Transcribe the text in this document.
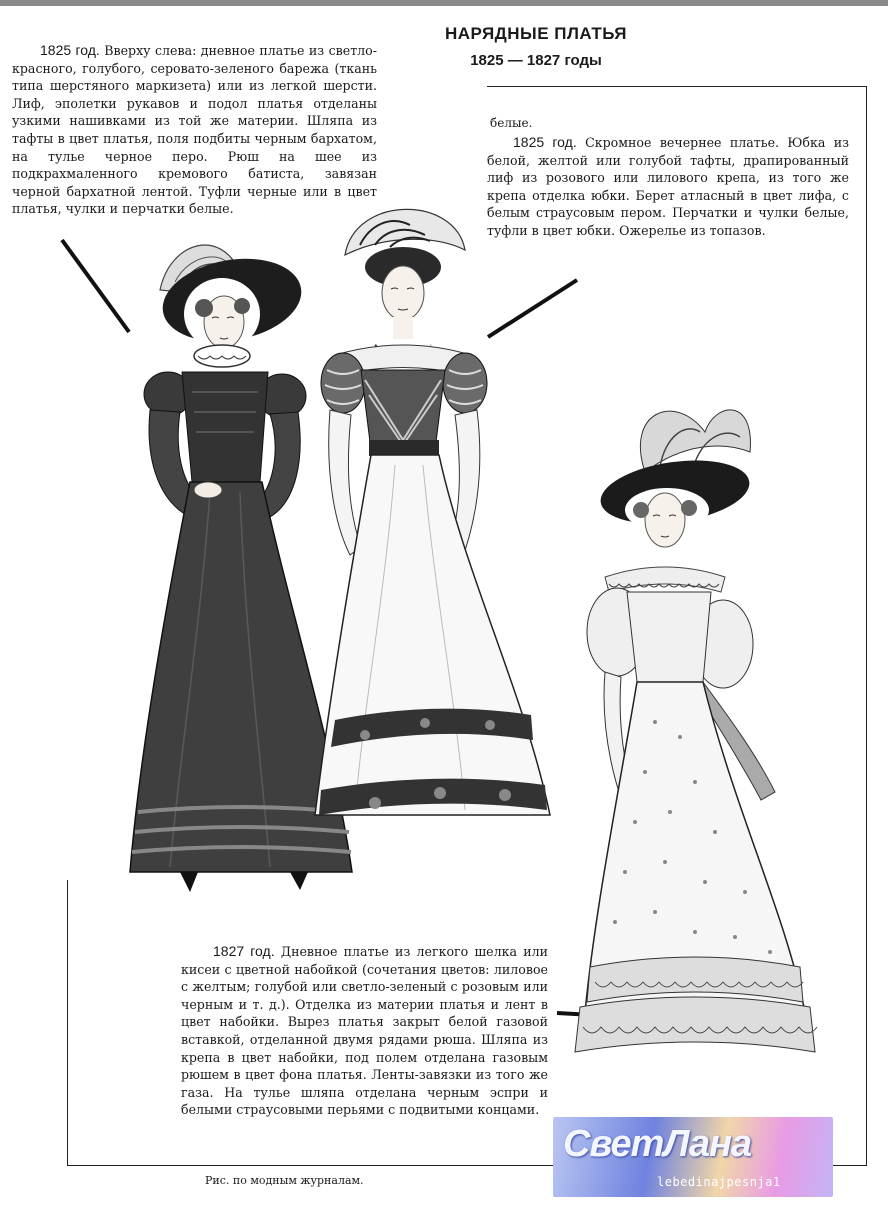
НАРЯДНЫЕ ПЛАТЬЯ
1825 — 1827 годы
1825 год. Вверху слева: дневное платье из светло-красного, голубого, серовато-зеленого барежа (ткань типа шерстяного маркизета) или из легкой шерсти. Лиф, эполетки рукавов и подол платья отделаны узкими нашивками из той же материи. Шляпа из тафты в цвет платья, поля подбиты черным бархатом, на тулье черное перо. Рюш на шее из подкрахмаленного кремового батиста, завязан черной бархатной лентой. Туфли черные или в цвет платья, чулки и перчатки белые.
белые.
1825 год. Скромное вечернее платье. Юбка из белой, желтой или голубой тафты, драпированный лиф из розового или лилового крепа, из того же крепа отделка юбки. Берет атласный в цвет лифа, с белым страусовым пером. Перчатки и чулки белые, туфли в цвет юбки. Ожерелье из топазов.
1827 год. Дневное платье из легкого шелка или кисеи с цветной набойкой (сочетания цветов: лиловое с желтым; голубой или светло-зеленый с розовым или черным и т. д.). Отделка из материи платья и лент в цвет набойки. Вырез платья закрыт белой газовой вставкой, отделанной двумя рядами рюша. Шляпа из крепа в цвет набойки, под полем отделана газовым рюшем в цвет фона платья. Ленты-завязки из того же газа. На тулье шляпа отделана черным эспри и белыми страусовыми перьями с подвитыми концами.
Рис. по модным журналам.
СветЛана
lebedinajpesnja1
